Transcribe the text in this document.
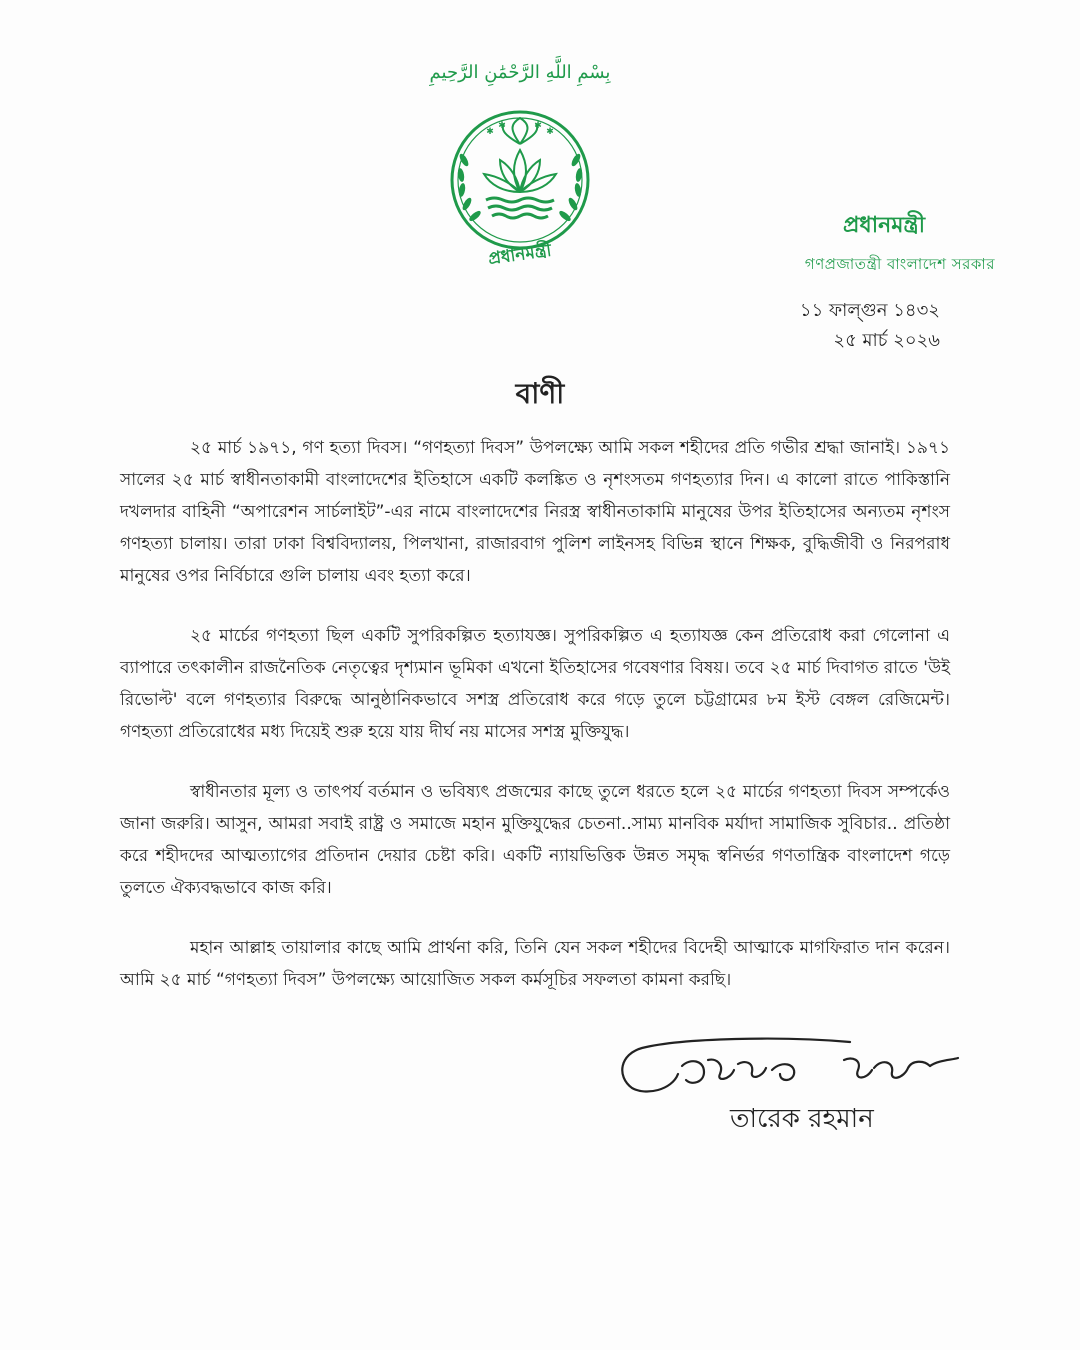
بِسْمِ اللَّهِ الرَّحْمَٰنِ الرَّحِيمِ
✱
✱	✱
✱
প্রধানমন্ত্রী
প্রধানমন্ত্রী
গণপ্রজাতন্ত্রী বাংলাদেশ সরকার
১১ ফাল্গুন ১৪৩২
২৫ মার্চ ২০২৬
বাণী

২৫ মার্চ ১৯৭১, গণ হত্যা দিবস। “গণহত্যা দিবস” উপলক্ষ্যে আমি সকল শহীদের প্রতি গভীর শ্রদ্ধা জানাই। ১৯৭১ সালের ২৫ মার্চ স্বাধীনতাকামী বাংলাদেশের ইতিহাসে একটি কলঙ্কিত ও নৃশংসতম গণহত্যার দিন। এ কালো রাতে পাকিস্তানি দখলদার বাহিনী “অপারেশন সার্চলাইট”-এর নামে বাংলাদেশের নিরস্ত্র স্বাধীনতাকামি মানুষের উপর ইতিহাসের অন্যতম নৃশংস গণহত্যা চালায়। তারা ঢাকা বিশ্ববিদ্যালয়, পিলখানা, রাজারবাগ পুলিশ লাইনসহ বিভিন্ন স্থানে শিক্ষক, বুদ্ধিজীবী ও নিরপরাধ মানুষের ওপর নির্বিচারে গুলি চালায় এবং হত্যা করে।

২৫ মার্চের গণহত্যা ছিল একটি সুপরিকল্পিত হত্যাযজ্ঞ। সুপরিকল্পিত এ হত্যাযজ্ঞ কেন প্রতিরোধ করা গেলোনা এ ব্যাপারে তৎকালীন রাজনৈতিক নেতৃত্বের দৃশ্যমান ভূমিকা এখনো ইতিহাসের গবেষণার বিষয়। তবে ২৫ মার্চ দিবাগত রাতে 'উই রিভোল্ট' বলে গণহত্যার বিরুদ্ধে আনুষ্ঠানিকভাবে সশস্ত্র প্রতিরোধ করে গড়ে তুলে চট্টগ্রামের ৮ম ইস্ট বেঙ্গল রেজিমেন্ট। গণহত্যা প্রতিরোধের মধ্য দিয়েই শুরু হয়ে যায় দীর্ঘ নয় মাসের সশস্ত্র মুক্তিযুদ্ধ।

স্বাধীনতার মূল্য ও তাৎপর্য বর্তমান ও ভবিষ্যৎ প্রজন্মের কাছে তুলে ধরতে হলে ২৫ মার্চের গণহত্যা দিবস সম্পর্কেও জানা জরুরি। আসুন, আমরা সবাই রাষ্ট্র ও সমাজে মহান মুক্তিযুদ্ধের চেতনা..সাম্য মানবিক মর্যাদা সামাজিক সুবিচার.. প্রতিষ্ঠা করে শহীদদের আত্মত্যাগের প্রতিদান দেয়ার চেষ্টা করি। একটি ন্যায়ভিত্তিক উন্নত সমৃদ্ধ স্বনির্ভর গণতান্ত্রিক বাংলাদেশ গড়ে তুলতে ঐক্যবদ্ধভাবে কাজ করি।

মহান আল্লাহ তায়ালার কাছে আমি প্রার্থনা করি, তিনি যেন সকল শহীদের বিদেহী আত্মাকে মাগফিরাত দান করেন। আমি ২৫ মার্চ “গণহত্যা দিবস” উপলক্ষ্যে আয়োজিত সকল কর্মসূচির সফলতা কামনা করছি।

তারেক রহমান
